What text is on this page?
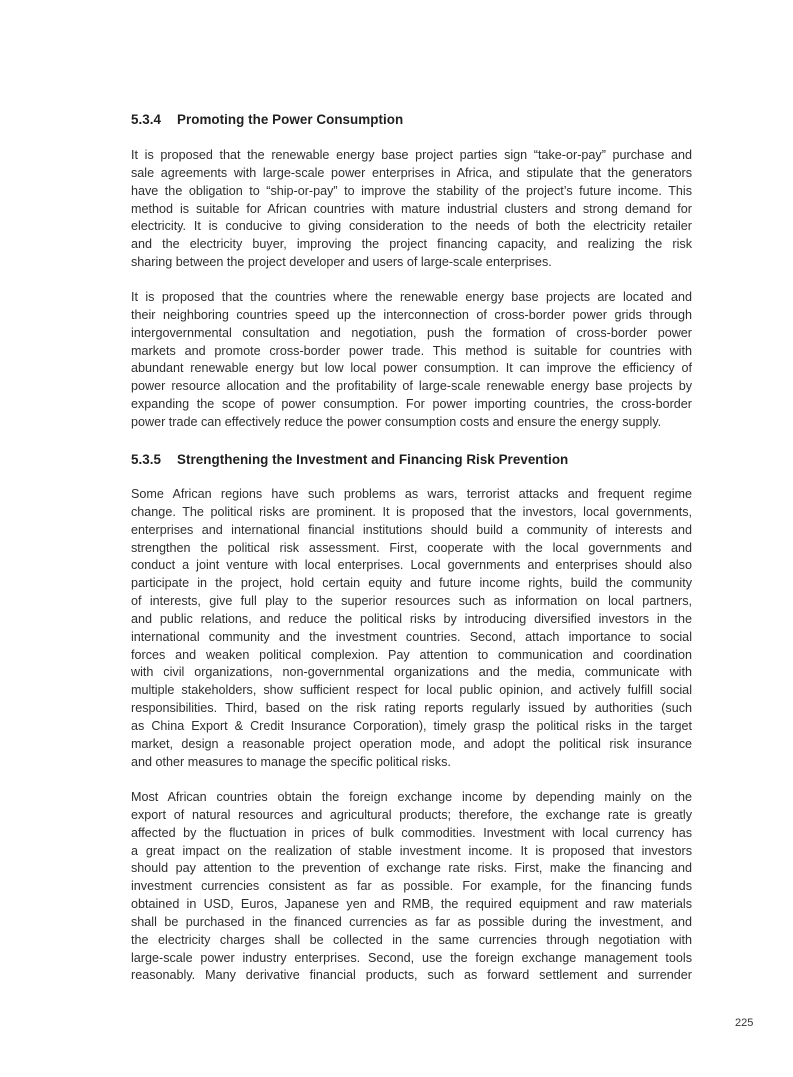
5.3.4 Promoting the Power Consumption
It is proposed that the renewable energy base project parties sign “take-or-pay” purchase and
sale agreements with large-scale power enterprises in Africa, and stipulate that the generators
have the obligation to “ship-or-pay” to improve the stability of the project’s future income. This
method is suitable for African countries with mature industrial clusters and strong demand for
electricity. It is conducive to giving consideration to the needs of both the electricity retailer
and the electricity buyer, improving the project financing capacity, and realizing the risk
sharing between the project developer and users of large-scale enterprises.
It is proposed that the countries where the renewable energy base projects are located and
their neighboring countries speed up the interconnection of cross-border power grids through
intergovernmental consultation and negotiation, push the formation of cross-border power
markets and promote cross-border power trade. This method is suitable for countries with
abundant renewable energy but low local power consumption. It can improve the efficiency of
power resource allocation and the profitability of large-scale renewable energy base projects by
expanding the scope of power consumption. For power importing countries, the cross-border
power trade can effectively reduce the power consumption costs and ensure the energy supply.
5.3.5 Strengthening the Investment and Financing Risk Prevention
Some African regions have such problems as wars, terrorist attacks and frequent regime
change. The political risks are prominent. It is proposed that the investors, local governments,
enterprises and international financial institutions should build a community of interests and
strengthen the political risk assessment. First, cooperate with the local governments and
conduct a joint venture with local enterprises. Local governments and enterprises should also
participate in the project, hold certain equity and future income rights, build the community
of interests, give full play to the superior resources such as information on local partners,
and public relations, and reduce the political risks by introducing diversified investors in the
international community and the investment countries. Second, attach importance to social
forces and weaken political complexion. Pay attention to communication and coordination
with civil organizations, non-governmental organizations and the media, communicate with
multiple stakeholders, show sufficient respect for local public opinion, and actively fulfill social
responsibilities. Third, based on the risk rating reports regularly issued by authorities (such
as China Export & Credit Insurance Corporation), timely grasp the political risks in the target
market, design a reasonable project operation mode, and adopt the political risk insurance
and other measures to manage the specific political risks.
Most African countries obtain the foreign exchange income by depending mainly on the
export of natural resources and agricultural products; therefore, the exchange rate is greatly
affected by the fluctuation in prices of bulk commodities. Investment with local currency has
a great impact on the realization of stable investment income. It is proposed that investors
should pay attention to the prevention of exchange rate risks. First, make the financing and
investment currencies consistent as far as possible. For example, for the financing funds
obtained in USD, Euros, Japanese yen and RMB, the required equipment and raw materials
shall be purchased in the financed currencies as far as possible during the investment, and
the electricity charges shall be collected in the same currencies through negotiation with
large-scale power industry enterprises. Second, use the foreign exchange management tools
reasonably. Many derivative financial products, such as forward settlement and surrender
225
